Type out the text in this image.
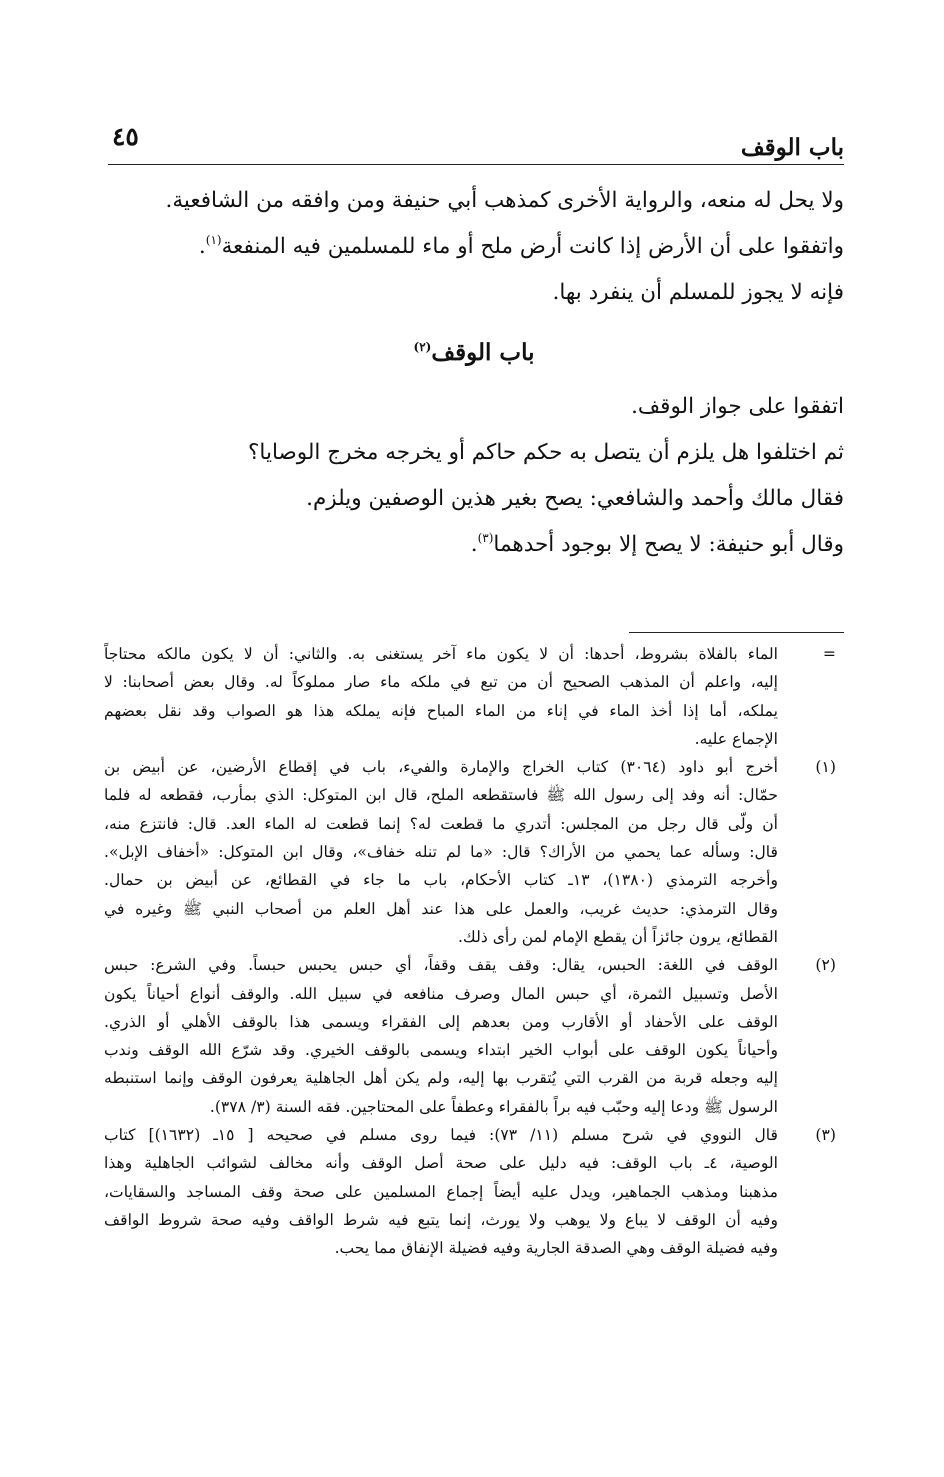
باب الوقف
٤٥

ولا يحل له منعه، والرواية الأخرى كمذهب أبي حنيفة ومن وافقه من الشافعية.

واتفقوا على أن الأرض إذا كانت أرض ملح أو ماء للمسلمين فيه المنفعة$^{(١)}$.

فإنه لا يجوز للمسلم أن ينفرد بها.

باب الوقف$^{(٢)}$

اتفقوا على جواز الوقف.

ثم اختلفوا هل يلزم أن يتصل به حكم حاكم أو يخرجه مخرج الوصايا؟

فقال مالك وأحمد والشافعي: يصح بغير هذين الوصفين ويلزم.

وقال أبو حنيفة: لا يصح إلا بوجود أحدهما$^{(٣)}$.

=
الماء بالفلاة بشروط، أحدها: أن لا يكون ماء آخر يستغنى به. والثاني: أن لا يكون مالكه محتاجاً
إليه، واعلم أن المذهب الصحيح أن من تبع في ملكه ماء صار مملوكاً له. وقال بعض أصحابنا: لا
يملكه، أما إذا أخذ الماء في إناء من الماء المباح فإنه يملكه هذا هو الصواب وقد نقل بعضهم
الإجماع عليه.
(١)
أخرج أبو داود (٣٠٦٤) كتاب الخراج والإمارة والفيء، باب في إقطاع الأرضين، عن أبيض بن
حمّال: أنه وفد إلى رسول الله ﷺ فاستقطعه الملح، قال ابن المتوكل: الذي بمأرب، فقطعه له فلما
أن ولّى قال رجل من المجلس: أتدري ما قطعت له؟ إنما قطعت له الماء العد. قال: فانتزع منه،
قال: وسأله عما يحمي من الأراك؟ قال: «ما لم تنله خفاف»، وقال ابن المتوكل: «أخفاف الإبل».
وأخرجه الترمذي (١٣٨٠)، ١٣ـ كتاب الأحكام، باب ما جاء في القطائع، عن أبيض بن حمال.
وقال الترمذي: حديث غريب، والعمل على هذا عند أهل العلم من أصحاب النبي ﷺ وغيره في
القطائع، يرون جائزاً أن يقطع الإمام لمن رأى ذلك.
(٢)
الوقف في اللغة: الحبس، يقال: وقف يقف وقفاً، أي حبس يحبس حبساً. وفي الشرع: حبس
الأصل وتسبيل الثمرة، أي حبس المال وصرف منافعه في سبيل الله. والوقف أنواع أحياناً يكون
الوقف على الأحفاد أو الأقارب ومن بعدهم إلى الفقراء ويسمى هذا بالوقف الأهلي أو الذري.
وأحياناً يكون الوقف على أبواب الخير ابتداء ويسمى بالوقف الخيري. وقد شرّع الله الوقف وندب
إليه وجعله قربة من القرب التي يُتقرب بها إليه، ولم يكن أهل الجاهلية يعرفون الوقف وإنما استنبطه
الرسول ﷺ ودعا إليه وحبّب فيه براً بالفقراء وعطفاً على المحتاجين. فقه السنة (٣/ ٣٧٨).
(٣)
قال النووي في شرح مسلم (١١/ ٧٣): فيما روى مسلم في صحيحه [ ١٥ـ (١٦٣٢)] كتاب
الوصية، ٤ـ باب الوقف: فيه دليل على صحة أصل الوقف وأنه مخالف لشوائب الجاهلية وهذا
مذهبنا ومذهب الجماهير، ويدل عليه أيضاً إجماع المسلمين على صحة وقف المساجد والسقايات،
وفيه أن الوقف لا يباع ولا يوهب ولا يورث، إنما يتبع فيه شرط الواقف وفيه صحة شروط الواقف
وفيه فضيلة الوقف وهي الصدقة الجارية وفيه فضيلة الإنفاق مما يحب.
